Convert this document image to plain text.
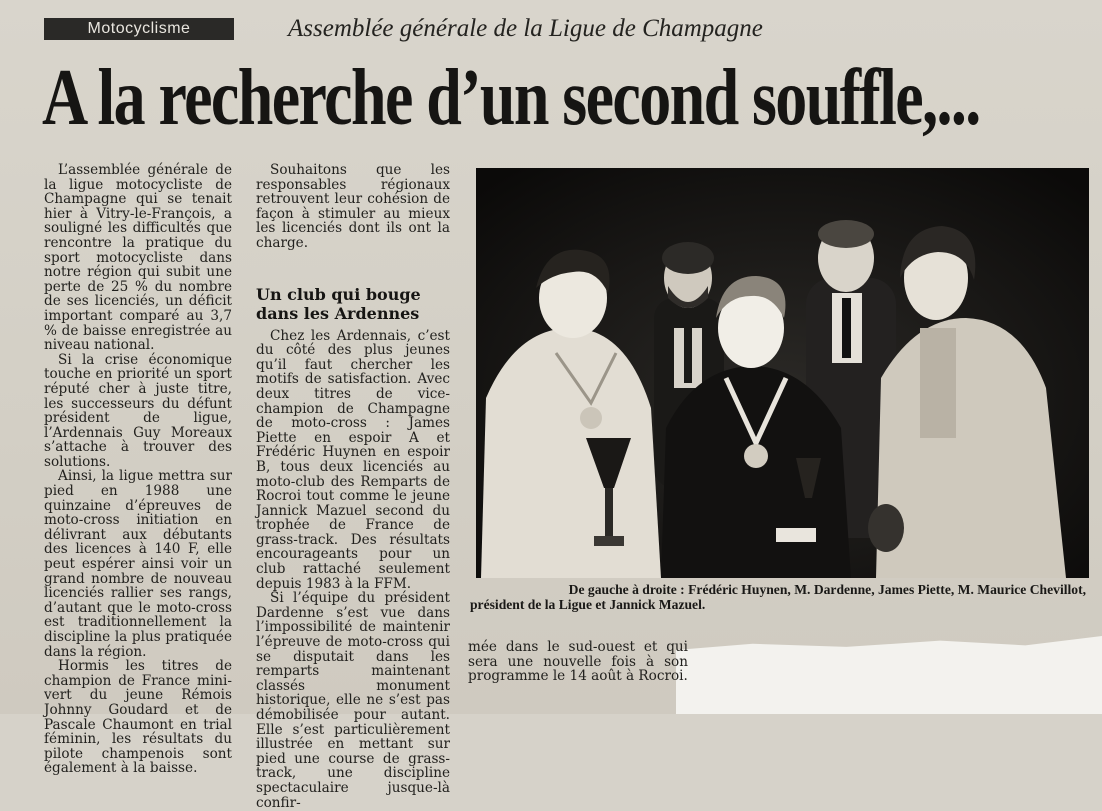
Motocyclisme	Assemblée générale de la Ligue de Champagne
A la recherche d’un second souffle,...

L’assemblée générale de la ligue motocycliste de Champagne qui se tenait hier à Vitry-le-François, a souligné les difficultés que rencontre la pratique du sport motocycliste dans notre région qui subit une perte de 25 % du nombre de ses licenciés, un déficit important comparé au 3,7 % de baisse enregistrée au niveau national.

Si la crise économique touche en priorité un sport réputé cher à juste titre, les successeurs du défunt président de ligue, l’Ardennais Guy Moreaux s’attache à trouver des solutions.

Ainsi, la ligue mettra sur pied en 1988 une quinzaine d’épreuves de moto-cross initiation en délivrant aux débutants des licences à 140 F, elle peut espérer ainsi voir un grand nombre de nouveau licenciés rallier ses rangs, d’autant que le moto-cross est traditionnellement la discipline la plus pratiquée dans la région.

Hormis les titres de champion de France mini-vert du jeune Rémois Johnny Goudard et de Pascale Chaumont en trial féminin, les résultats du pilote champenois sont également à la baisse.

Souhaitons que les responsables régionaux retrouvent leur cohésion de façon à stimuler au mieux les licenciés dont ils ont la charge.

Un club qui bouge dans les Ardennes

Chez les Ardennais, c’est du côté des plus jeunes qu’il faut chercher les motifs de satisfaction. Avec deux titres de vice-champion de Champagne de moto-cross : James Piette en espoir A et Frédéric Huynen en espoir B, tous deux licenciés au moto-club des Remparts de Rocroi tout comme le jeune Jannick Mazuel second du trophée de France de grass-track. Des résultats encourageants pour un club rattaché seulement depuis 1983 à la FFM.

Si l’équipe du président Dardenne s’est vue dans l’impossibilité de maintenir l’épreuve de moto-cross qui se disputait dans les remparts maintenant classés monument historique, elle ne s’est pas démobilisée pour autant. Elle s’est particulièrement illustrée en mettant sur pied une course de grass-track, une discipline spectaculaire jusque-là confir-

mée dans le sud-ouest et qui sera une nouvelle fois à son programme le 14 août à Rocroi.

De gauche à droite : Frédéric Huynen, M. Dardenne, James Piette, M. Maurice Chevillot,
président de la Ligue et Jannick Mazuel.
